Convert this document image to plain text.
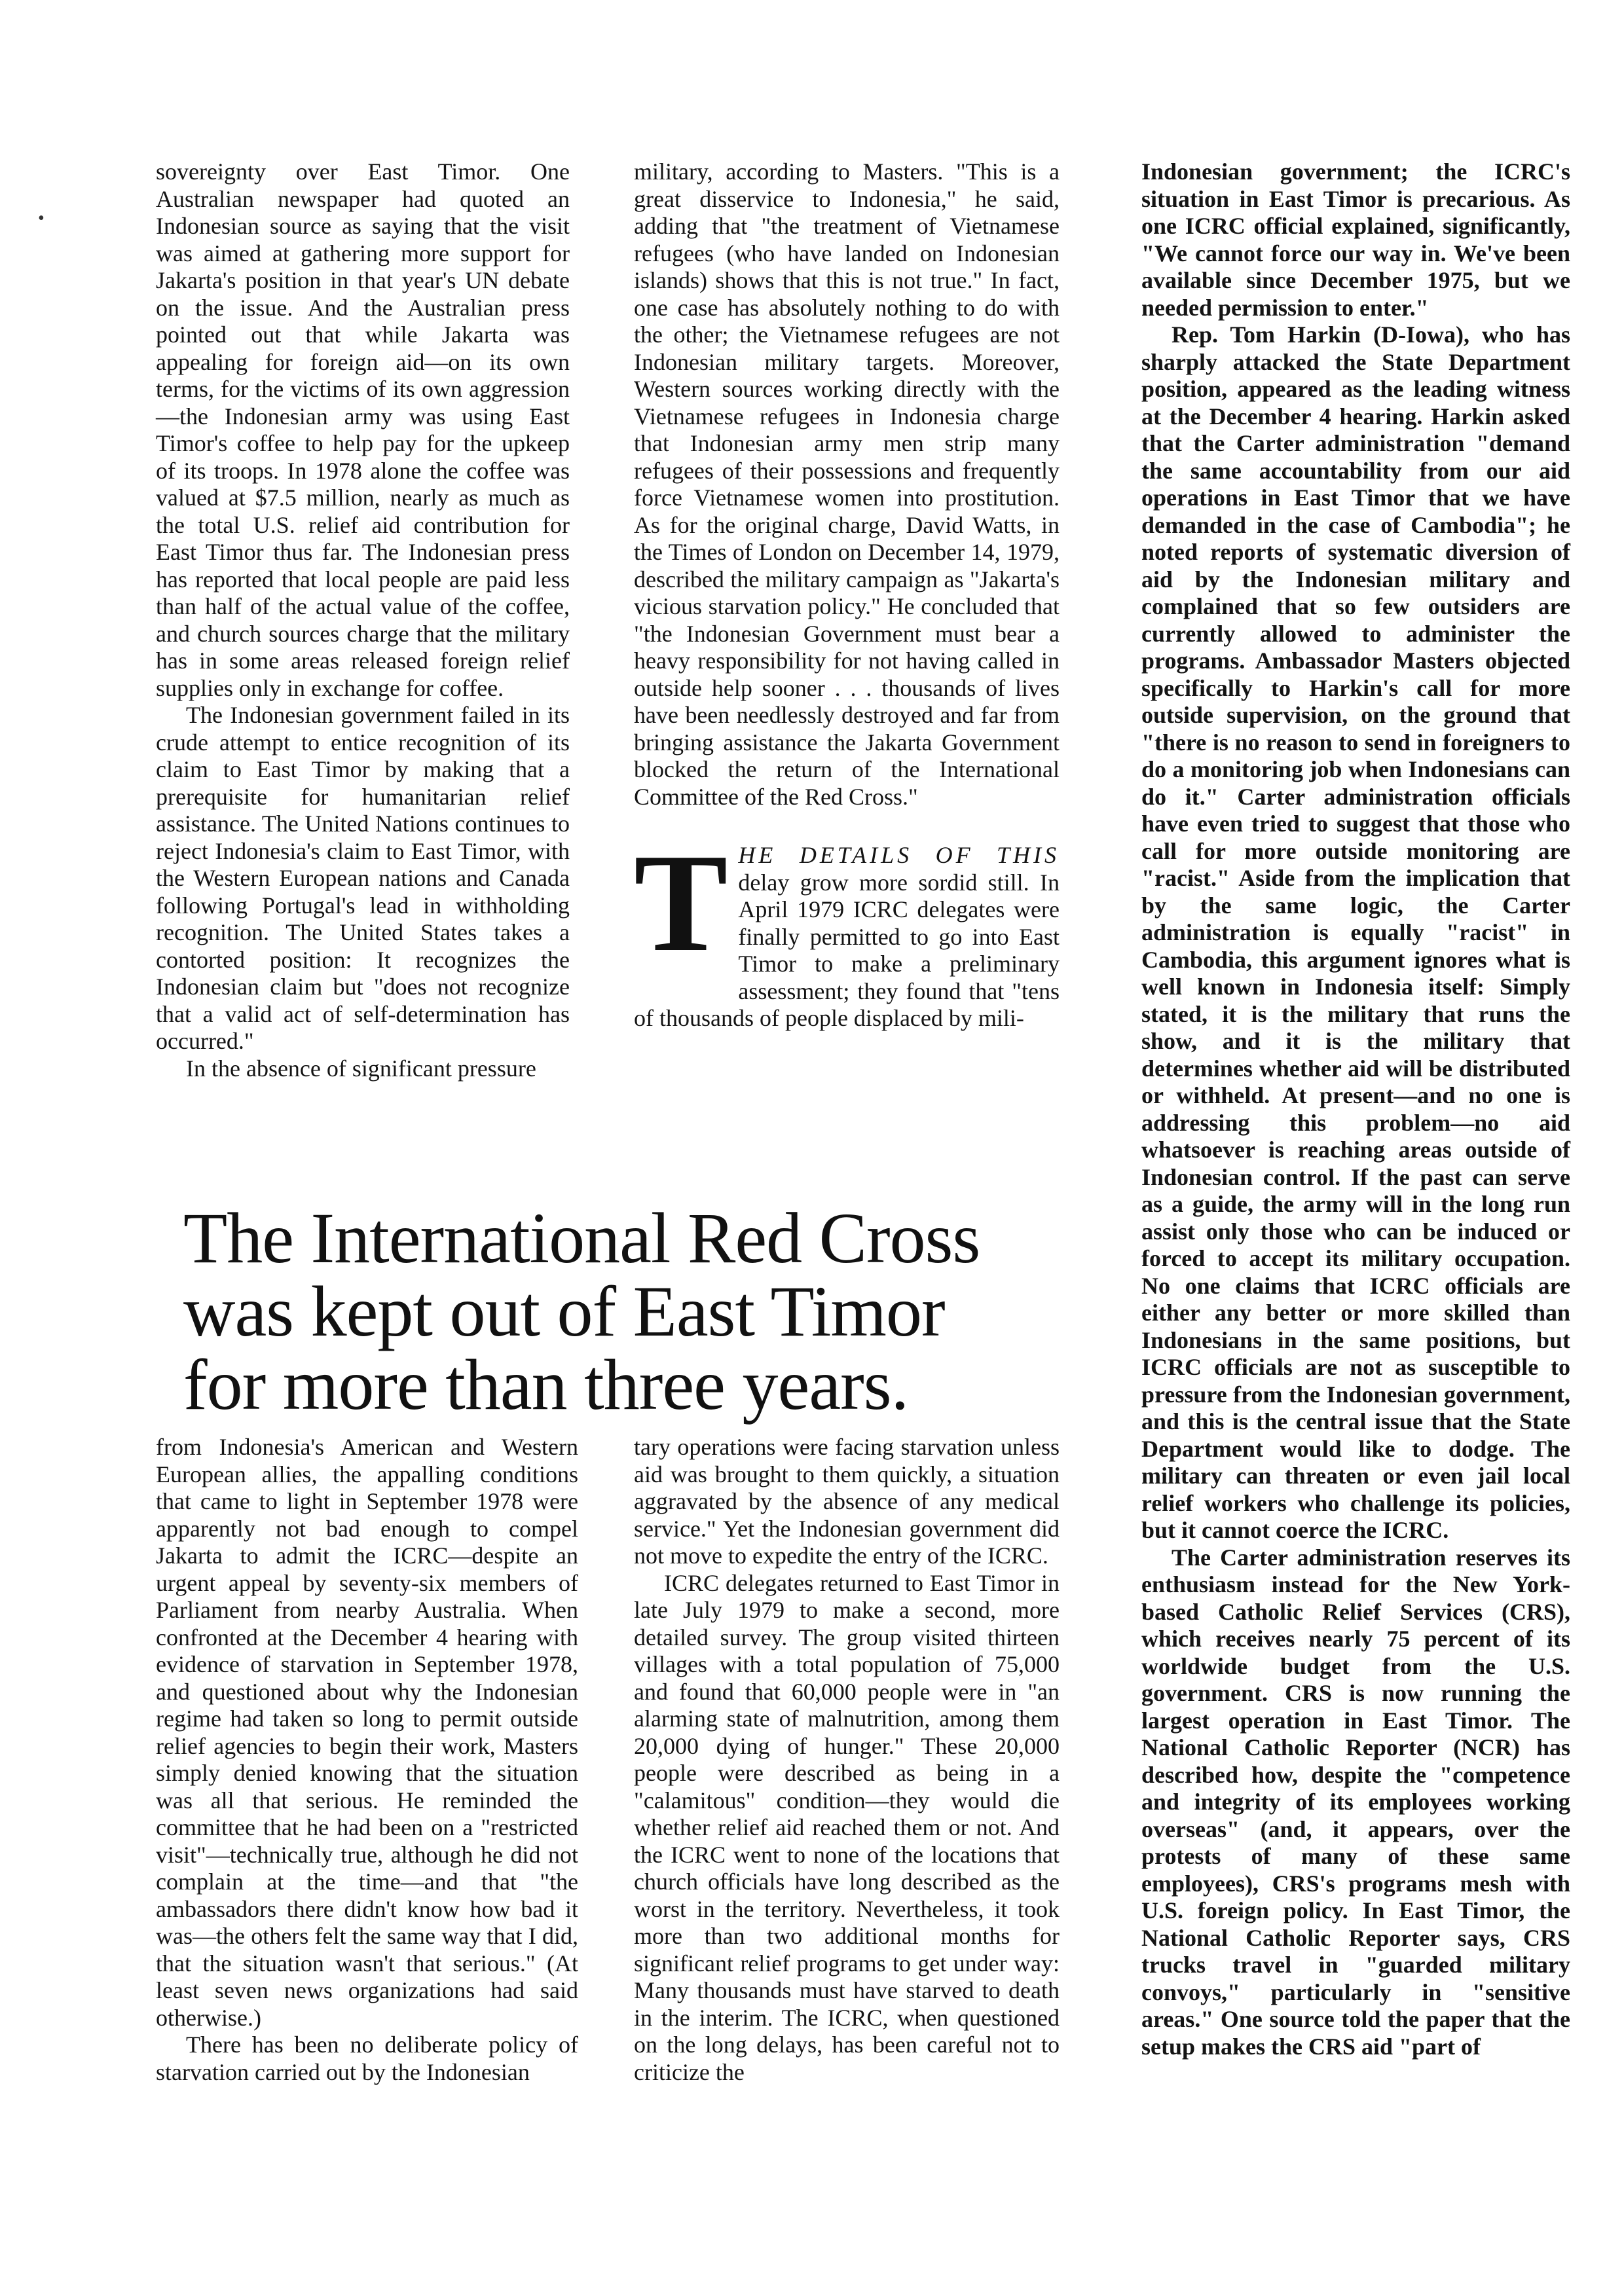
•

sovereignty over East Timor. One Australian newspaper had quoted an Indonesian source as saying that the visit was aimed at gathering more support for Jakarta's position in that year's UN debate on the issue. And the Australian press pointed out that while Jakarta was appealing for foreign aid—on its own terms, for the victims of its own aggression—the Indonesian army was using East Timor's coffee to help pay for the upkeep of its troops. In 1978 alone the coffee was valued at $7.5 million, nearly as much as the total U.S. relief aid contribution for East Timor thus far. The Indonesian press has reported that local people are paid less than half of the actual value of the coffee, and church sources charge that the military has in some areas released foreign relief supplies only in exchange for coffee.

The Indonesian government failed in its crude attempt to entice recognition of its claim to East Timor by making that a prerequisite for humanitarian relief assistance. The United Nations continues to reject Indonesia's claim to East Timor, with the Western European nations and Canada following Portugal's lead in withholding recognition. The United States takes a contorted position: It recognizes the Indonesian claim but "does not recognize that a valid act of self-determination has occurred."

In the absence of significant pressure

military, according to Masters. "This is a great disservice to Indonesia," he said, adding that "the treatment of Vietnamese refugees (who have landed on Indonesian islands) shows that this is not true." In fact, one case has absolutely nothing to do with the other; the Vietnamese refugees are not Indonesian military targets. Moreover, Western sources working directly with the Vietnamese refugees in Indonesia charge that Indonesian army men strip many refugees of their possessions and frequently force Vietnamese women into prostitution. As for the original charge, David Watts, in the Times of London on December 14, 1979, described the military campaign as "Jakarta's vicious starvation policy." He concluded that "the Indonesian Government must bear a heavy responsibility for not having called in outside help sooner . . . thousands of lives have been needlessly destroyed and far from bringing assistance the Jakarta Government blocked the return of the International Committee of the Red Cross."

T HE DETAILS OF THIS delay grow more sordid still. In April 1979 ICRC delegates were finally permitted to go into East Timor to make a preliminary assessment; they found that "tens of thousands of people displaced by mili-

The International Red Cross
was kept out of East Timor
for more than three years.

from Indonesia's American and Western European allies, the appalling conditions that came to light in September 1978 were apparently not bad enough to compel Jakarta to admit the ICRC—despite an urgent appeal by seventy-six members of Parliament from nearby Australia. When confronted at the December 4 hearing with evidence of starvation in September 1978, and questioned about why the Indonesian regime had taken so long to permit outside relief agencies to begin their work, Masters simply denied knowing that the situation was all that serious. He reminded the committee that he had been on a "restricted visit"—technically true, although he did not complain at the time—and that "the ambassadors there didn't know how bad it was—the others felt the same way that I did, that the situation wasn't that serious." (At least seven news organizations had said otherwise.)

There has been no deliberate policy of starvation carried out by the Indonesian

tary operations were facing starvation unless aid was brought to them quickly, a situation aggravated by the absence of any medical service." Yet the Indonesian government did not move to expedite the entry of the ICRC.

ICRC delegates returned to East Timor in late July 1979 to make a second, more detailed survey. The group visited thirteen villages with a total population of 75,000 and found that 60,000 people were in "an alarming state of malnutrition, among them 20,000 dying of hunger." These 20,000 people were described as being in a "calamitous" condition—they would die whether relief aid reached them or not. And the ICRC went to none of the locations that church officials have long described as the worst in the territory. Nevertheless, it took more than two additional months for significant relief programs to get under way: Many thousands must have starved to death in the interim. The ICRC, when questioned on the long delays, has been careful not to criticize the

Indonesian government; the ICRC's situation in East Timor is precarious. As one ICRC official explained, significantly, "We cannot force our way in. We've been available since December 1975, but we needed permission to enter."

Rep. Tom Harkin (D-Iowa), who has sharply attacked the State Department position, appeared as the leading witness at the December 4 hearing. Harkin asked that the Carter administration "demand the same accountability from our aid operations in East Timor that we have demanded in the case of Cambodia"; he noted reports of systematic diversion of aid by the Indonesian military and complained that so few outsiders are currently allowed to administer the programs. Ambassador Masters objected specifically to Harkin's call for more outside supervision, on the ground that "there is no reason to send in foreigners to do a monitoring job when Indonesians can do it." Carter administration officials have even tried to suggest that those who call for more outside monitoring are "racist." Aside from the implication that by the same logic, the Carter administration is equally "racist" in Cambodia, this argument ignores what is well known in Indonesia itself: Simply stated, it is the military that runs the show, and it is the military that determines whether aid will be distributed or withheld. At present—and no one is addressing this problem—no aid whatsoever is reaching areas outside of Indonesian control. If the past can serve as a guide, the army will in the long run assist only those who can be induced or forced to accept its military occupation. No one claims that ICRC officials are either any better or more skilled than Indonesians in the same positions, but ICRC officials are not as susceptible to pressure from the Indonesian government, and this is the central issue that the State Department would like to dodge. The military can threaten or even jail local relief workers who challenge its policies, but it cannot coerce the ICRC.

The Carter administration reserves its enthusiasm instead for the New York-based Catholic Relief Services (CRS), which receives nearly 75 percent of its worldwide budget from the U.S. government. CRS is now running the largest operation in East Timor. The National Catholic Reporter (NCR) has described how, despite the "competence and integrity of its employees working overseas" (and, it appears, over the protests of many of these same employees), CRS's programs mesh with U.S. foreign policy. In East Timor, the National Catholic Reporter says, CRS trucks travel in "guarded military convoys," particularly in "sensitive areas." One source told the paper that the setup makes the CRS aid "part of
